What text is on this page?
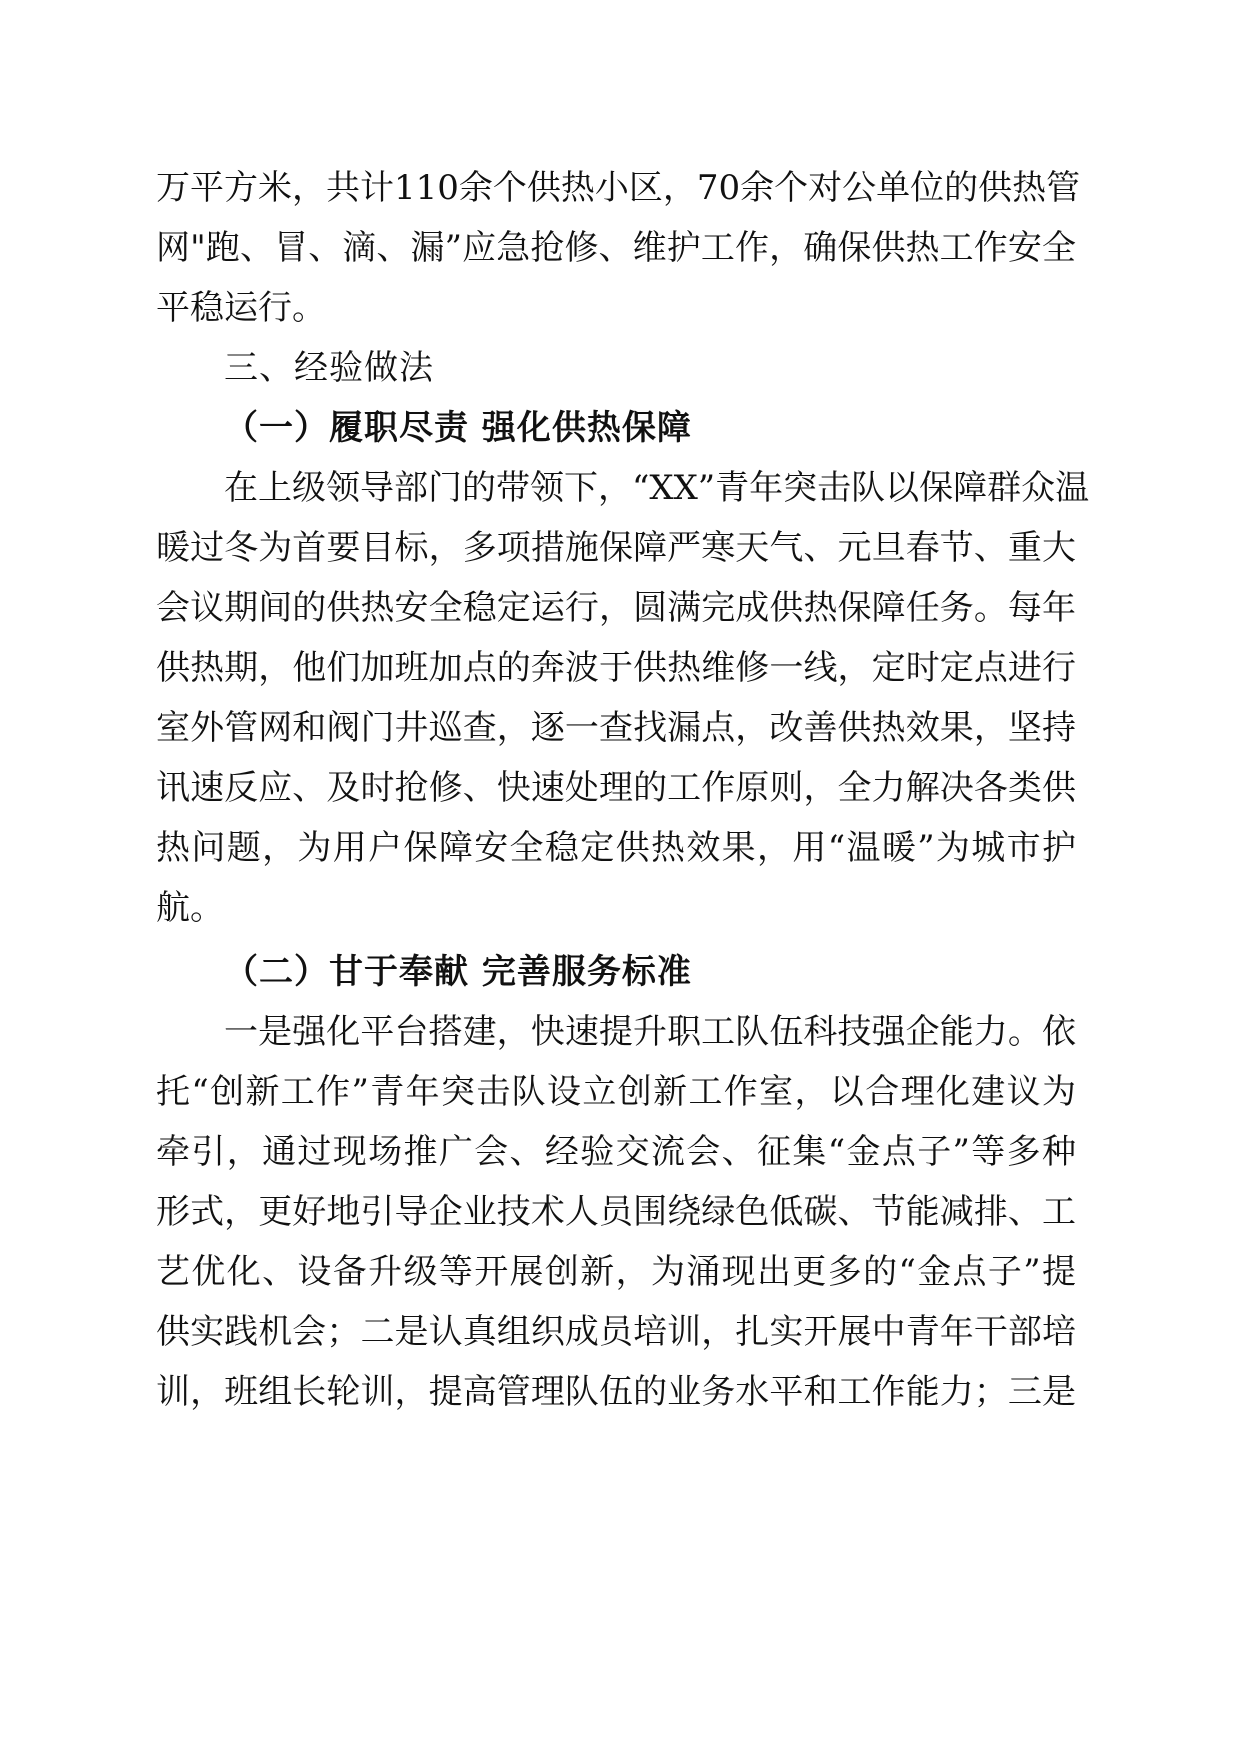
万平方米，共计110余个供热小区，70余个对公单位的供热管
网"跑、冒、滴、漏”应急抢修、维护工作，确保供热工作安全
平稳运行。
三、经验做法
（一）履职尽责 强化供热保障
在上级领导部门的带领下，“XX”青年突击队以保障群众温
暖过冬为首要目标，多项措施保障严寒天气、元旦春节、重大
会议期间的供热安全稳定运行，圆满完成供热保障任务。每年
供热期，他们加班加点的奔波于供热维修一线，定时定点进行
室外管网和阀门井巡查，逐一查找漏点，改善供热效果，坚持
讯速反应、及时抢修、快速处理的工作原则，全力解决各类供
热问题，为用户保障安全稳定供热效果，用“温暖”为城市护
航。
（二）甘于奉献 完善服务标准
一是强化平台搭建，快速提升职工队伍科技强企能力。依
托“创新工作”青年突击队设立创新工作室，以合理化建议为
牵引，通过现场推广会、经验交流会、征集“金点子”等多种
形式，更好地引导企业技术人员围绕绿色低碳、节能减排、工
艺优化、设备升级等开展创新，为涌现出更多的“金点子”提
供实践机会；二是认真组织成员培训，扎实开展中青年干部培
训，班组长轮训，提高管理队伍的业务水平和工作能力；三是
